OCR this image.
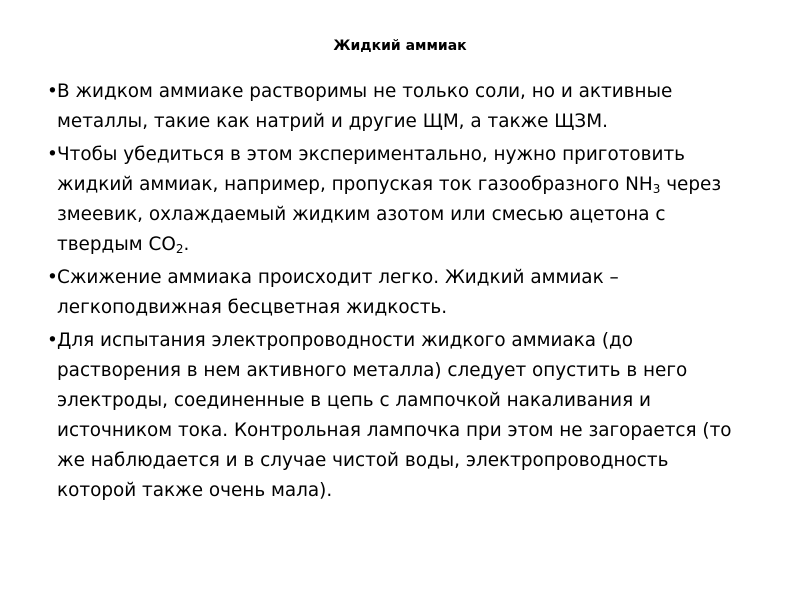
Жидкий аммиак
• В жидком аммиаке растворимы не только соли, но и активные металлы, такие как натрий и другие ЩМ, а также ЩЗМ.
• Чтобы убедиться в этом экспериментально, нужно приготовить жидкий аммиак, например, пропуская ток газообразного $NH_3$ через змеевик, охлаждаемый жидким азотом или смесью ацетона с твердым $CO_2$.
• Сжижение аммиака происходит легко. Жидкий аммиак – легкоподвижная бесцветная жидкость.
• Для испытания электропроводности жидкого аммиака (до растворения в нем активного металла) следует опустить в него электроды, соединенные в цепь с лампочкой накаливания и источником тока. Контрольная лампочка при этом не загорается (то же наблюдается и в случае чистой воды, электропроводность которой также очень мала).
